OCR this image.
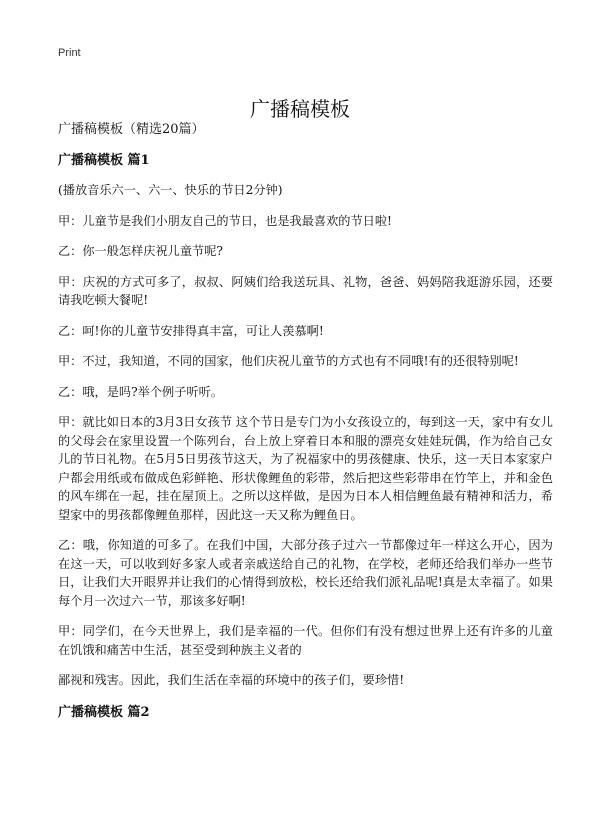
Print
广播稿模板

广播稿模板（精选20篇）

广播稿模板 篇1

(播放音乐六一、六一、快乐的节日2分钟)

甲：儿童节是我们小朋友自己的节日，也是我最喜欢的节日啦!

乙：你一般怎样庆祝儿童节呢?

甲：庆祝的方式可多了，叔叔、阿姨们给我送玩具、礼物，爸爸、妈妈陪我逛游乐园，还要请我吃顿大餐呢!

乙：呵!你的儿童节安排得真丰富，可让人羡慕啊!

甲：不过，我知道，不同的国家，他们庆祝儿童节的方式也有不同哦!有的还很特别呢!

乙：哦，是吗?举个例子听听。

甲：就比如日本的3月3日女孩节 这个节日是专门为小女孩设立的，每到这一天，家中有女儿的父母会在家里设置一个陈列台，台上放上穿着日本和服的漂亮女娃娃玩偶，作为给自己女儿的节日礼物。在5月5日男孩节这天，为了祝福家中的男孩健康、快乐，这一天日本家家户户都会用纸或布做成色彩鲜艳、形状像鲤鱼的彩带，然后把这些彩带串在竹竿上，并和金色的风车绑在一起，挂在屋顶上。之所以这样做，是因为日本人相信鲤鱼最有精神和活力，希望家中的男孩都像鲤鱼那样，因此这一天又称为鲤鱼日。

乙：哦，你知道的可多了。在我们中国，大部分孩子过六一节都像过年一样这么开心，因为在这一天，可以收到好多家人或者亲戚送给自己的礼物，在学校，老师还给我们举办一些节日，让我们大开眼界并让我们的心情得到放松，校长还给我们派礼品呢!真是太幸福了。如果每个月一次过六一节，那该多好啊!

甲：同学们，在今天世界上，我们是幸福的一代。但你们有没有想过世界上还有许多的儿童在饥饿和痛苦中生活，甚至受到种族主义者的

鄙视和残害。因此，我们生活在幸福的环境中的孩子们，要珍惜!

广播稿模板 篇2
